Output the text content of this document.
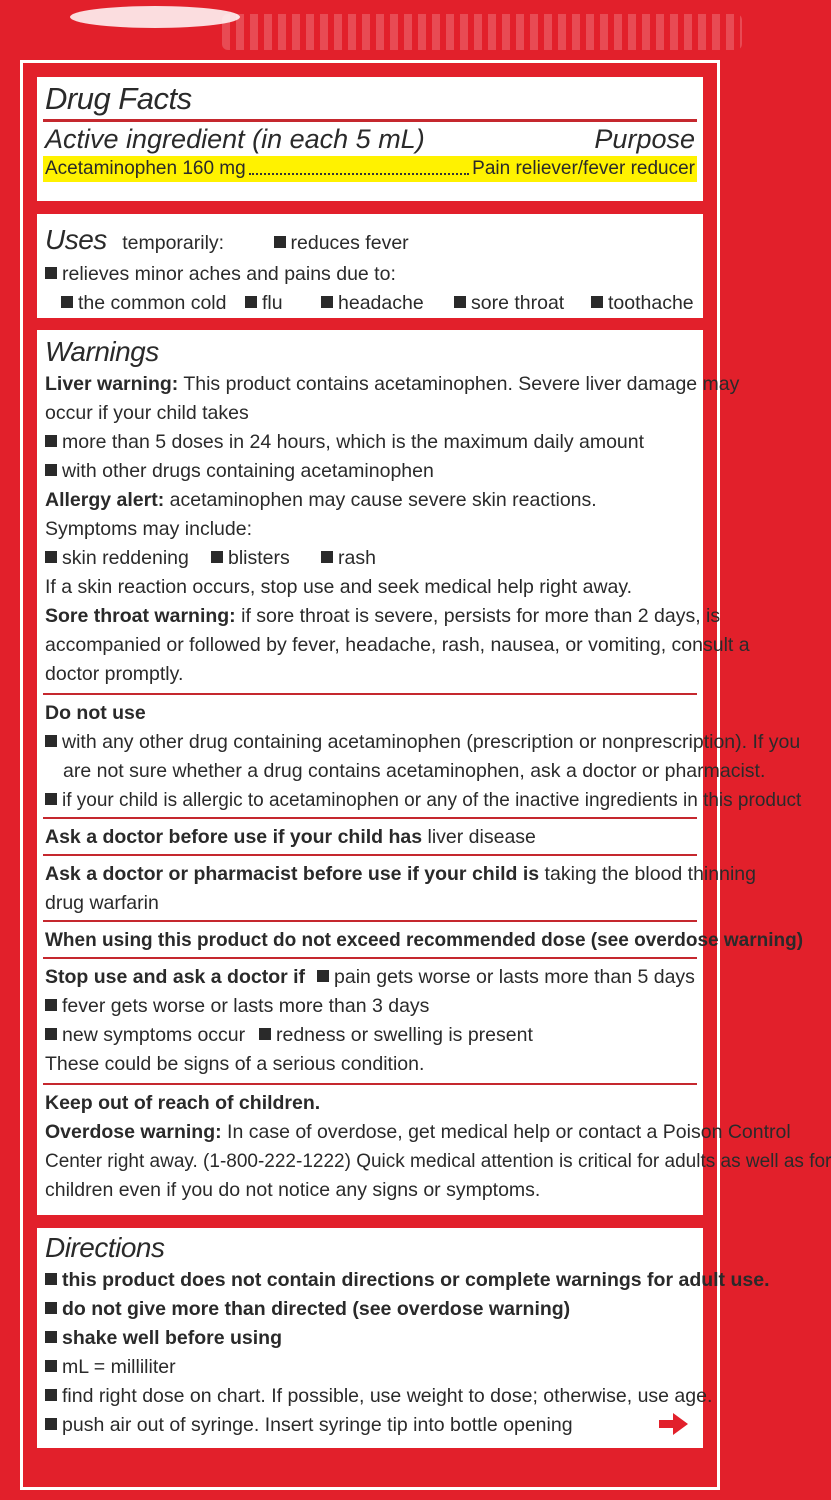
Drug Facts
Active ingredient (in each 5 mL)	Purpose
Acetaminophen 160 mg	Pain reliever/fever reducer
Uses temporarily:	reduces fever
relieves minor aches and pains due to:
the common cold flu	headache sore throat toothache
Warnings
Liver warning: This product contains acetaminophen. Severe liver damage may
occur if your child takes
more than 5 doses in 24 hours, which is the maximum daily amount
with other drugs containing acetaminophen
Allergy alert: acetaminophen may cause severe skin reactions.
Symptoms may include:
skin reddening blisters rash
If a skin reaction occurs, stop use and seek medical help right away.
Sore throat warning: if sore throat is severe, persists for more than 2 days, is
accompanied or followed by fever, headache, rash, nausea, or vomiting, consult a
doctor promptly.
Do not use
with any other drug containing acetaminophen (prescription or nonprescription). If you
are not sure whether a drug contains acetaminophen, ask a doctor or pharmacist.
if your child is allergic to acetaminophen or any of the inactive ingredients in this product
Ask a doctor before use if your child has liver disease
Ask a doctor or pharmacist before use if your child is taking the blood thinning
drug warfarin
When using this product do not exceed recommended dose (see overdose warning)
Stop use and ask a doctor if pain gets worse or lasts more than 5 days
fever gets worse or lasts more than 3 days
new symptoms occur redness or swelling is present
These could be signs of a serious condition.
Keep out of reach of children.
Overdose warning: In case of overdose, get medical help or contact a Poison Control
Center right away. (1-800-222-1222) Quick medical attention is critical for adults as well as for
children even if you do not notice any signs or symptoms.
Directions
this product does not contain directions or complete warnings for adult use.
do not give more than directed (see overdose warning)
shake well before using
mL = milliliter
find right dose on chart. If possible, use weight to dose; otherwise, use age.
push air out of syringe. Insert syringe tip into bottle opening
